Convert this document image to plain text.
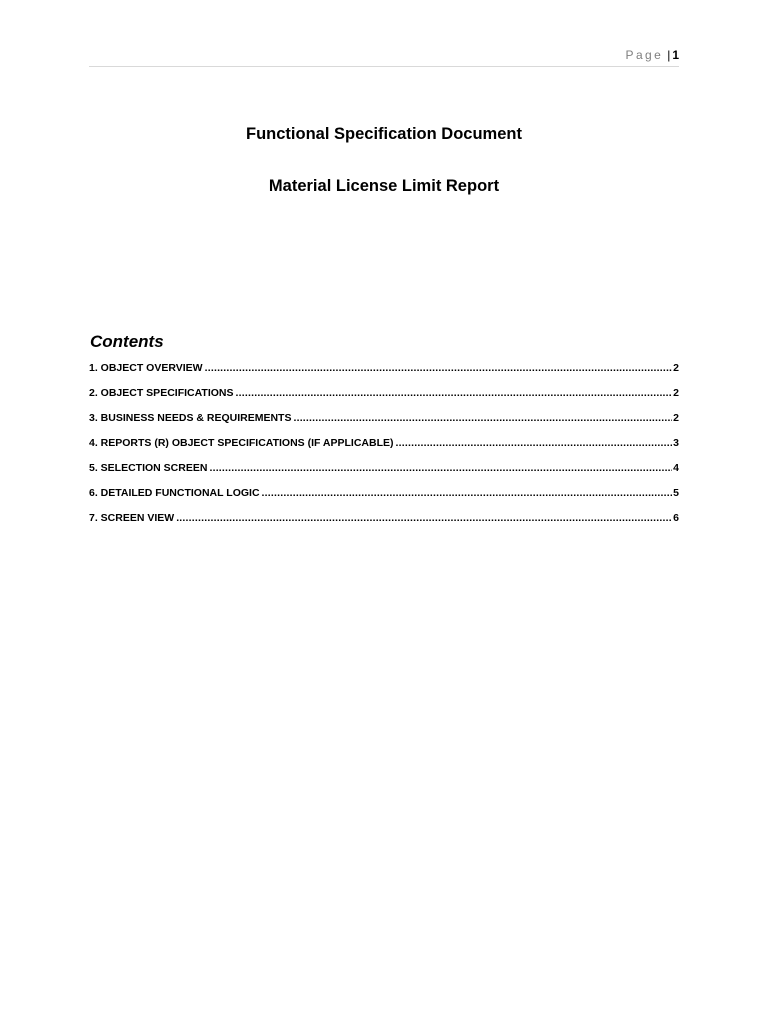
Page | 1
Functional Specification Document
Material License Limit Report
Contents
1. OBJECT OVERVIEW .....	2
2. OBJECT SPECIFICATIONS .....	2
3. BUSINESS NEEDS & REQUIREMENTS .....	2
4. REPORTS (R) OBJECT SPECIFICATIONS (IF APPLICABLE) .....	3
5. SELECTION SCREEN .....	4
6. DETAILED FUNCTIONAL LOGIC .....	5
7. SCREEN VIEW .....	6
